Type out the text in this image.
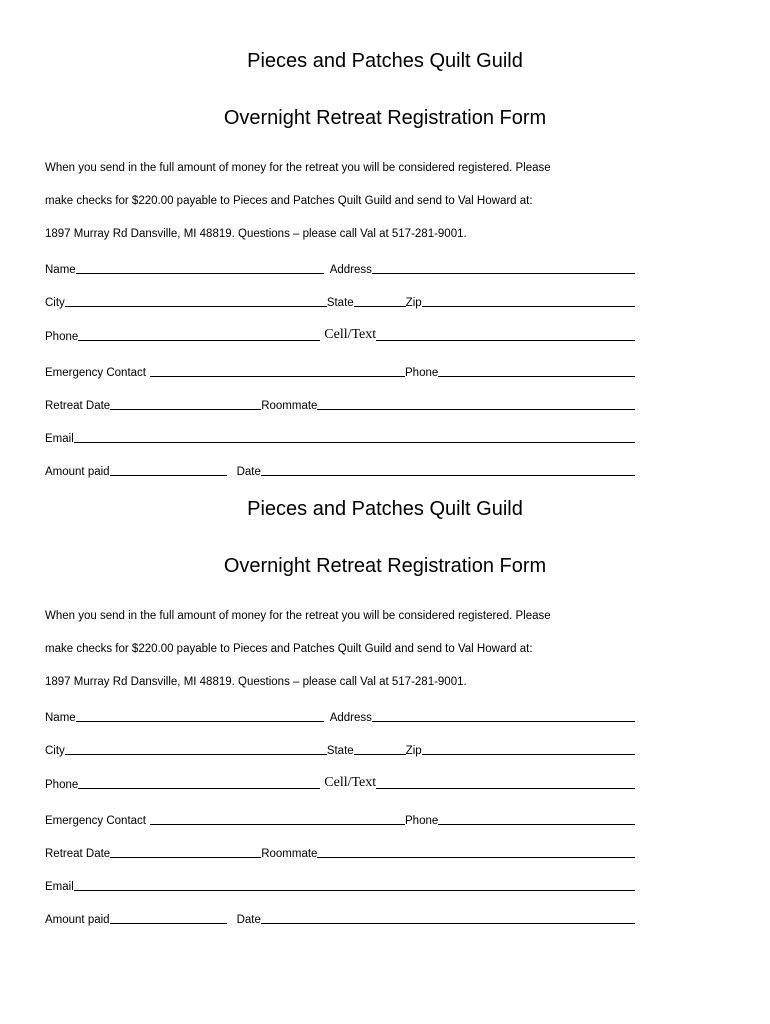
Pieces and Patches Quilt Guild
Overnight Retreat Registration Form
When you send in the full amount of money for the retreat you will be considered registered. Please
make checks for $220.00 payable to Pieces and Patches Quilt Guild and send to Val Howard at:
1897 Murray Rd Dansville, MI 48819. Questions – please call Val at 517-281-9001.
Name	Address
City	State	Zip
Phone	Cell/Text
Emergency Contact	Phone
Retreat Date	Roommate
Email
Amount paid	Date
Pieces and Patches Quilt Guild
Overnight Retreat Registration Form
When you send in the full amount of money for the retreat you will be considered registered. Please
make checks for $220.00 payable to Pieces and Patches Quilt Guild and send to Val Howard at:
1897 Murray Rd Dansville, MI 48819. Questions – please call Val at 517-281-9001.
Name	Address
City	State	Zip
Phone	Cell/Text
Emergency Contact	Phone
Retreat Date	Roommate
Email
Amount paid	Date
